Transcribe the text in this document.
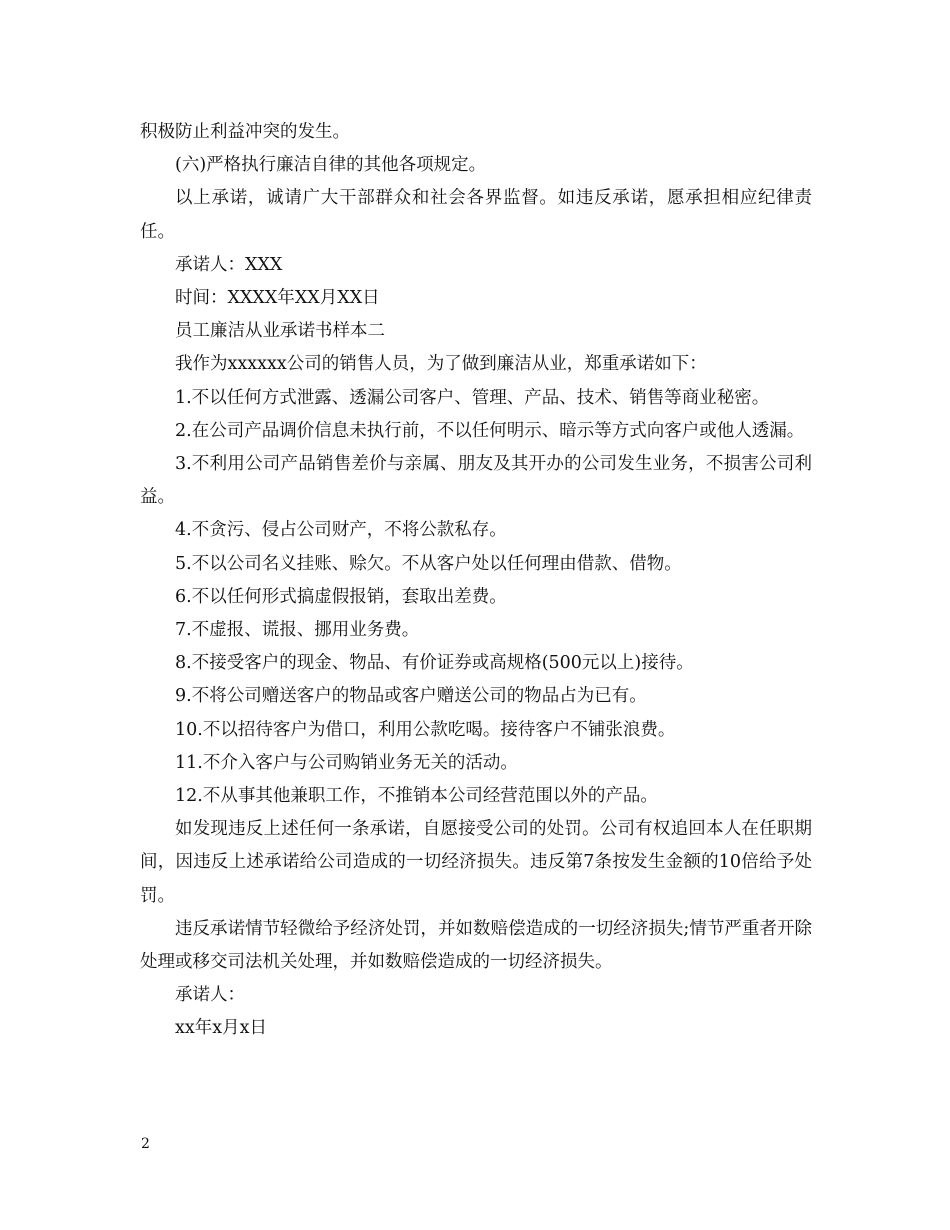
积极防止利益冲突的发生。

(六)严格执行廉洁自律的其他各项规定。

以上承诺，诚请广大干部群众和社会各界监督。如违反承诺，愿承担相应纪律责任。

承诺人：XXX

时间：XXXX年XX月XX日

员工廉洁从业承诺书样本二

我作为xxxxxx公司的销售人员，为了做到廉洁从业，郑重承诺如下：

1.不以任何方式泄露、透漏公司客户、管理、产品、技术、销售等商业秘密。

2.在公司产品调价信息未执行前，不以任何明示、暗示等方式向客户或他人透漏。

3.不利用公司产品销售差价与亲属、朋友及其开办的公司发生业务，不损害公司利益。

4.不贪污、侵占公司财产，不将公款私存。

5.不以公司名义挂账、赊欠。不从客户处以任何理由借款、借物。

6.不以任何形式搞虚假报销，套取出差费。

7.不虚报、谎报、挪用业务费。

8.不接受客户的现金、物品、有价证券或高规格(500元以上)接待。

9.不将公司赠送客户的物品或客户赠送公司的物品占为已有。

10.不以招待客户为借口，利用公款吃喝。接待客户不铺张浪费。

11.不介入客户与公司购销业务无关的活动。

12.不从事其他兼职工作，不推销本公司经营范围以外的产品。

如发现违反上述任何一条承诺，自愿接受公司的处罚。公司有权追回本人在任职期间，因违反上述承诺给公司造成的一切经济损失。违反第7条按发生金额的10倍给予处罚。

违反承诺情节轻微给予经济处罚，并如数赔偿造成的一切经济损失;情节严重者开除处理或移交司法机关处理，并如数赔偿造成的一切经济损失。

承诺人：

xx年x月x日

2
